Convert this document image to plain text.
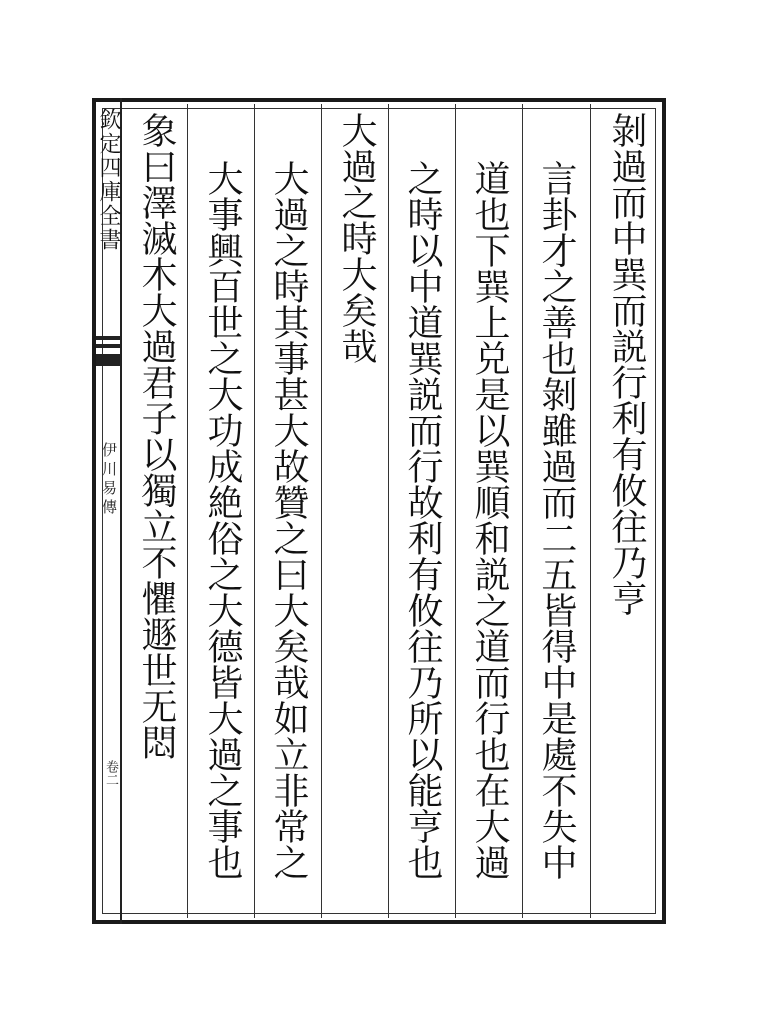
欽定四庫全書
伊川易傳
卷二
剝過而中巽而説行利有攸往乃亨
言卦才之善也剝雖過而二五皆得中是處不失中
道也下巽上兑是以巽順和説之道而行也在大過
之時以中道巽説而行故利有攸往乃所以能亨也
大過之時大矣哉
大過之時其事甚大故贊之曰大矣哉如立非常之
大事興百世之大功成絶俗之大德皆大過之事也
象曰澤滅木大過君子以獨立不懼遯世无悶
